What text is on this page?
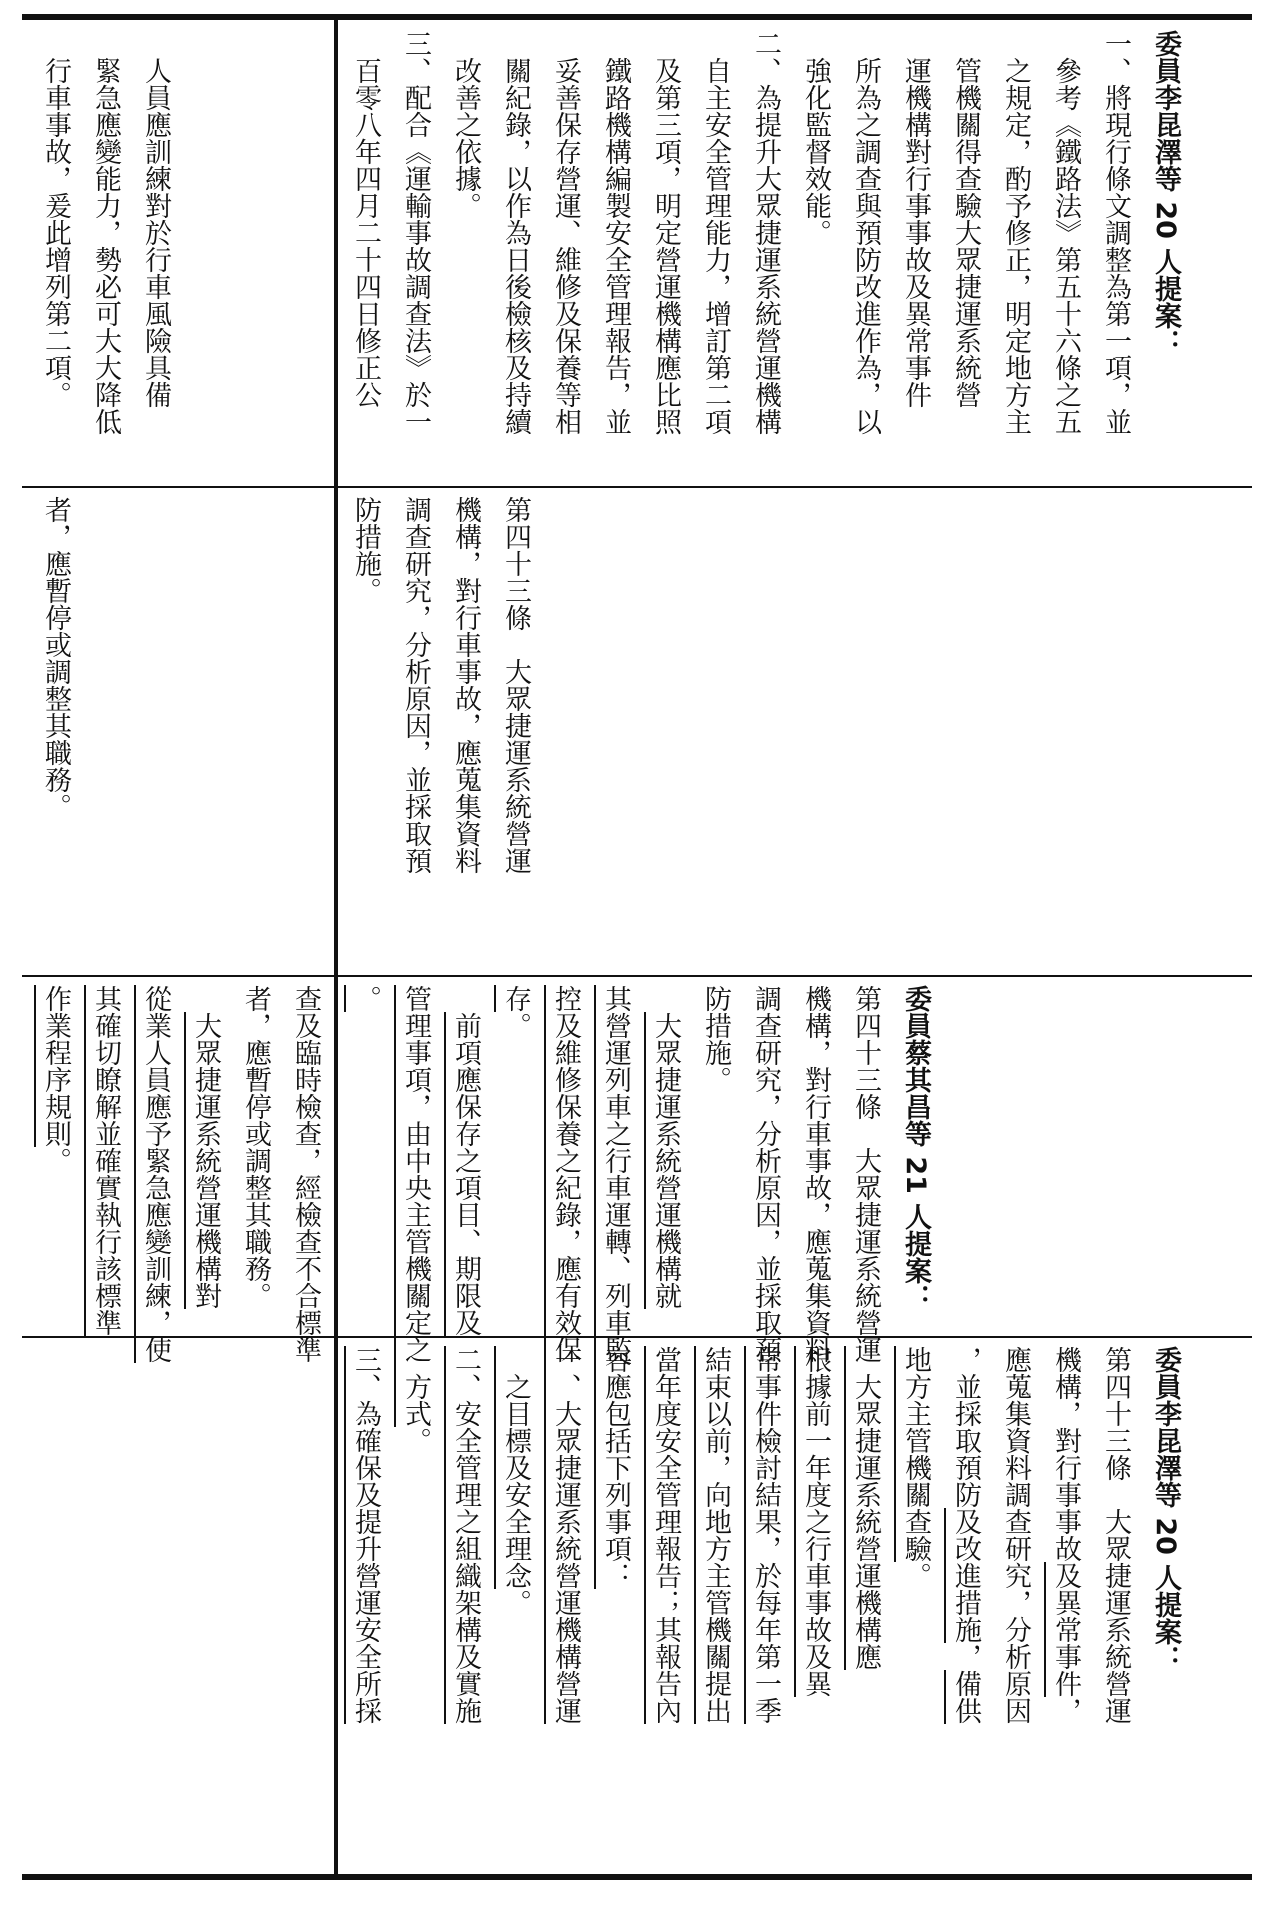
委員李昆澤等 20 人提案：
第四十三條　大眾捷運系統營運
機構，對行事事故及異常事件，
應蒐集資料調查研究，分析原因
，並採取預防及改進措施，備供
地方主管機關查驗。
　大眾捷運系統營運機構應
根據前一年度之行車事故及異
常事件檢討結果，於每年第一季
結束以前，向地方主管機關提出
當年度安全管理報告；其報告內
容應包括下列事項：
一、大眾捷運系統營運機構營運
　之目標及安全理念。
二、安全管理之組織架構及實施
　方式。
三、為確保及提升營運安全所採
委員蔡其昌等 21 人提案：
第四十三條　大眾捷運系統營運
機構，對行車事故，應蒐集資料
調查研究，分析原因，並採取預
防措施。
　大眾捷運系統營運機構就
其營運列車之行車運轉、列車監
控及維修保養之紀錄，應有效保
存。
　前項應保存之項目、期限及
管理事項，由中央主管機關定之
。
第四十三條　大眾捷運系統營運
機構，對行車事故，應蒐集資料
調查研究，分析原因，並採取預
防措施。
委員李昆澤等 20 人提案：
一、將現行條文調整為第一項，並
　參考《鐵路法》第五十六條之五
　之規定，酌予修正，明定地方主
　管機關得查驗大眾捷運系統營
　運機構對行事事故及異常事件
　所為之調查與預防改進作為，以
　強化監督效能。
二、為提升大眾捷運系統營運機構
　自主安全管理能力，增訂第二項
　及第三項，明定營運機構應比照
　鐵路機構編製安全管理報告，並
　妥善保存營運、維修及保養等相
　關紀錄，以作為日後檢核及持續
　改善之依據。
三、配合《運輸事故調查法》於一
　百零八年四月二十四日修正公
查及臨時檢查，經檢查不合標準
者，應暫停或調整其職務。
　大眾捷運系統營運機構對
從業人員應予緊急應變訓練，使
其確切瞭解並確實執行該標準
作業程序規則。
者，應暫停或調整其職務。
　人員應訓練對於行車風險具備
　緊急應變能力，勢必可大大降低
　行車事故，爰此增列第二項。
